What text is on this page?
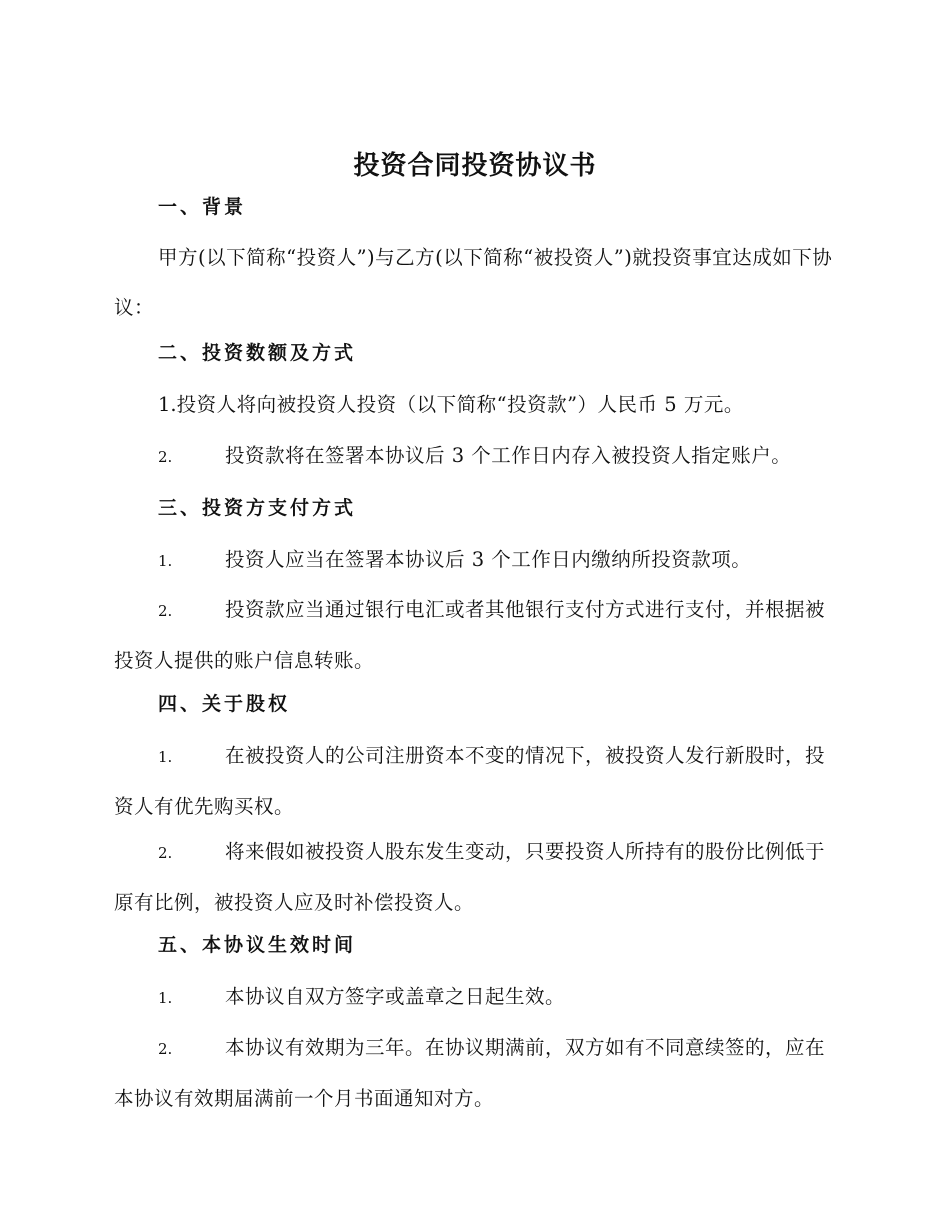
投资合同投资协议书
一、背景

甲方(以下简称“投资人”)与乙方(以下简称“被投资人”)就投资事宜达成如下协议：

二、投资数额及方式

1.投资人将向被投资人投资（以下简称“投资款”）人民币 5 万元。

2.	投资款将在签署本协议后 3 个工作日内存入被投资人指定账户。

三、投资方支付方式

1.	投资人应当在签署本协议后 3 个工作日内缴纳所投资款项。

2.	投资款应当通过银行电汇或者其他银行支付方式进行支付，并根据被投资人提供的账户信息转账。

四、关于股权

1.	在被投资人的公司注册资本不变的情况下，被投资人发行新股时，投资人有优先购买权。

2.	将来假如被投资人股东发生变动，只要投资人所持有的股份比例低于原有比例，被投资人应及时补偿投资人。

五、本协议生效时间

1.	本协议自双方签字或盖章之日起生效。

2.	本协议有效期为三年。在协议期满前，双方如有不同意续签的，应在本协议有效期届满前一个月书面通知对方。
